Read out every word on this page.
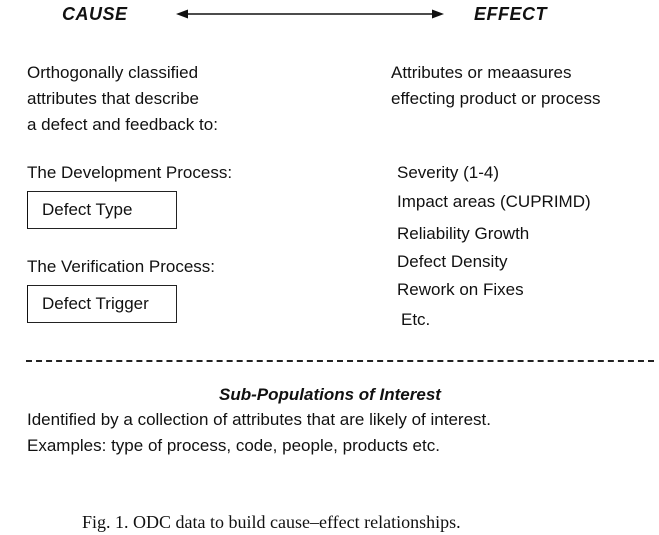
CAUSE	EFFECT
Orthogonally classified
attributes that describe
a defect and feedback to:
Attributes or meaasures
effecting product or process
The Development Process:
Defect Type
The Verification Process:
Defect Trigger
Severity (1-4)
Impact areas (CUPRIMD)
Reliability Growth
Defect Density
Rework on Fixes
Etc.
Sub-Populations of Interest
Identified by a collection of attributes that are likely of interest.
Examples: type of process, code, people, products etc.
Fig. 1. ODC data to build cause–effect relationships.
